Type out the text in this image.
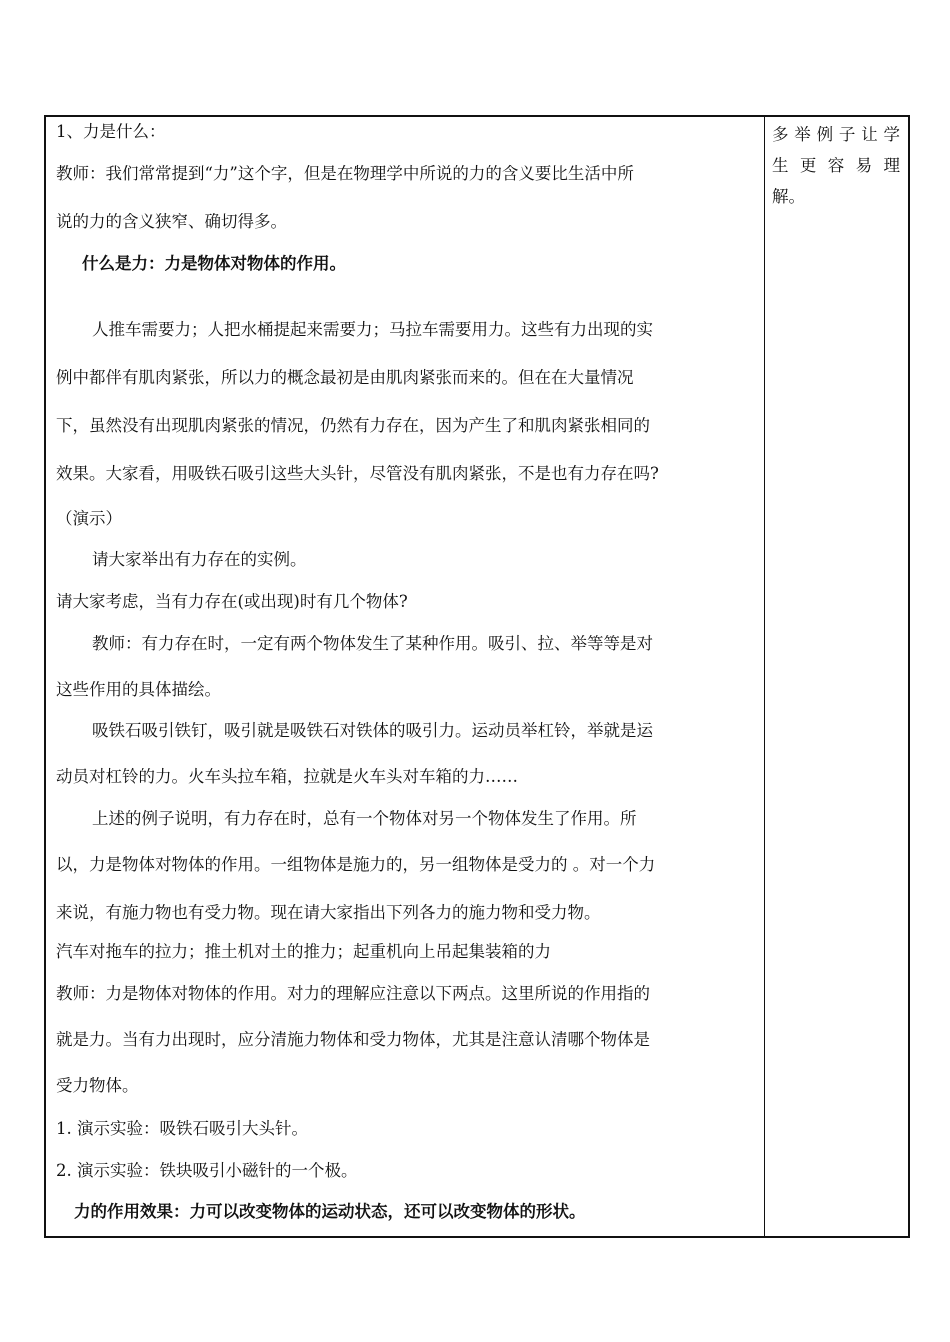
1、力是什么：
教师：我们常常提到“力”这个字，但是在物理学中所说的力的含义要比生活中所
说的力的含义狭窄、确切得多。
什么是力：力是物体对物体的作用。
人推车需要力；人把水桶提起来需要力；马拉车需要用力。这些有力出现的实
例中都伴有肌肉紧张，所以力的概念最初是由肌肉紧张而来的。但在在大量情况
下，虽然没有出现肌肉紧张的情况，仍然有力存在，因为产生了和肌肉紧张相同的
效果。大家看，用吸铁石吸引这些大头针，尽管没有肌肉紧张，不是也有力存在吗?
（演示）
请大家举出有力存在的实例。
请大家考虑，当有力存在(或出现)时有几个物体?
教师：有力存在时，一定有两个物体发生了某种作用。吸引、拉、举等等是对
这些作用的具体描绘。
吸铁石吸引铁钉，吸引就是吸铁石对铁体的吸引力。运动员举杠铃，举就是运
动员对杠铃的力。火车头拉车箱，拉就是火车头对车箱的力……
上述的例子说明，有力存在时，总有一个物体对另一个物体发生了作用。所
以，力是物体对物体的作用。一组物体是施力的，另一组物体是受力的 。对一个力
来说，有施力物也有受力物。现在请大家指出下列各力的施力物和受力物。
汽车对拖车的拉力；推土机对土的推力；起重机向上吊起集装箱的力
教师：力是物体对物体的作用。对力的理解应注意以下两点。这里所说的作用指的
就是力。当有力出现时，应分清施力物体和受力物体，尤其是注意认清哪个物体是
受力物体。
1. 演示实验：吸铁石吸引大头针。
2. 演示实验：铁块吸引小磁针的一个极。
力的作用效果：力可以改变物体的运动状态，还可以改变物体的形状。
多举例子让学
生更容易理
解。
